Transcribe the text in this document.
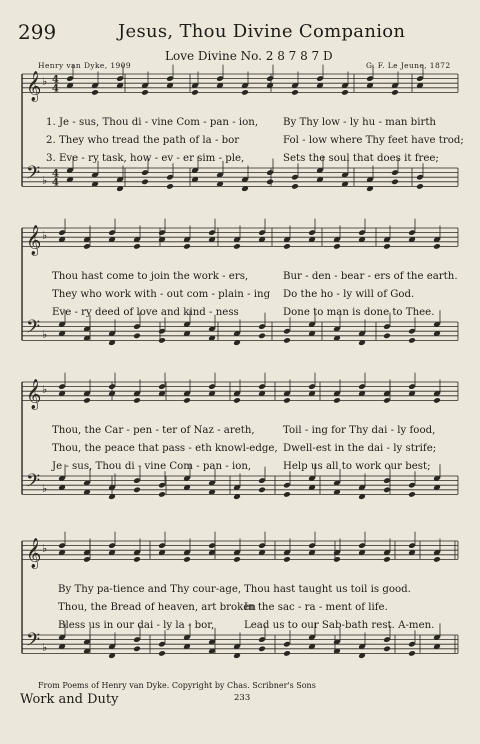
299	Jesus, Thou Divine Companion
Love Divine No. 2 8 7 8 7 D
Henry van Dyke, 1909	G. F. Le Jeune, 1872
𝄞
𝄢
♭
♭
4
4
4
4
1. Je - sus, Thou di - vine Com - pan - ion, By Thy low - ly hu - man birth
2. They who tread the path of la - bor	Fol - low where Thy feet have trod;
3. Eve - ry task, how - ev - er sim - ple,	Sets the soul that does it free;
𝄞
𝄢
♭
♭
Thou hast come to join the work - ers,	Bur - den - bear - ers of the earth.
They who work with - out com - plain - ing Do the ho - ly will of God.
Eve - ry deed of love and kind - ness	Done to man is done to Thee.
𝄞
𝄢
♭
♭
Thou, the Car - pen - ter of Naz - areth,	Toil - ing for Thy dai - ly food,
Thou, the peace that pass - eth knowl-edge, Dwell-est in the dai - ly strife;
Je - sus, Thou di - vine Com - pan - ion,	Help us all to work our best;
𝄞
𝄢
♭
♭
By Thy pa-tience and Thy cour-age, Thou hast taught us toil is good.
Thou, the Bread of heaven, art broken
In the sac - ra - ment of life.
Bless us in our dai - ly la - bor,	Lead us to our Sab-bath rest. A-men.
From Poems of Henry van Dyke. Copyright by Chas. Scribner's Sons
Work and Duty	233
